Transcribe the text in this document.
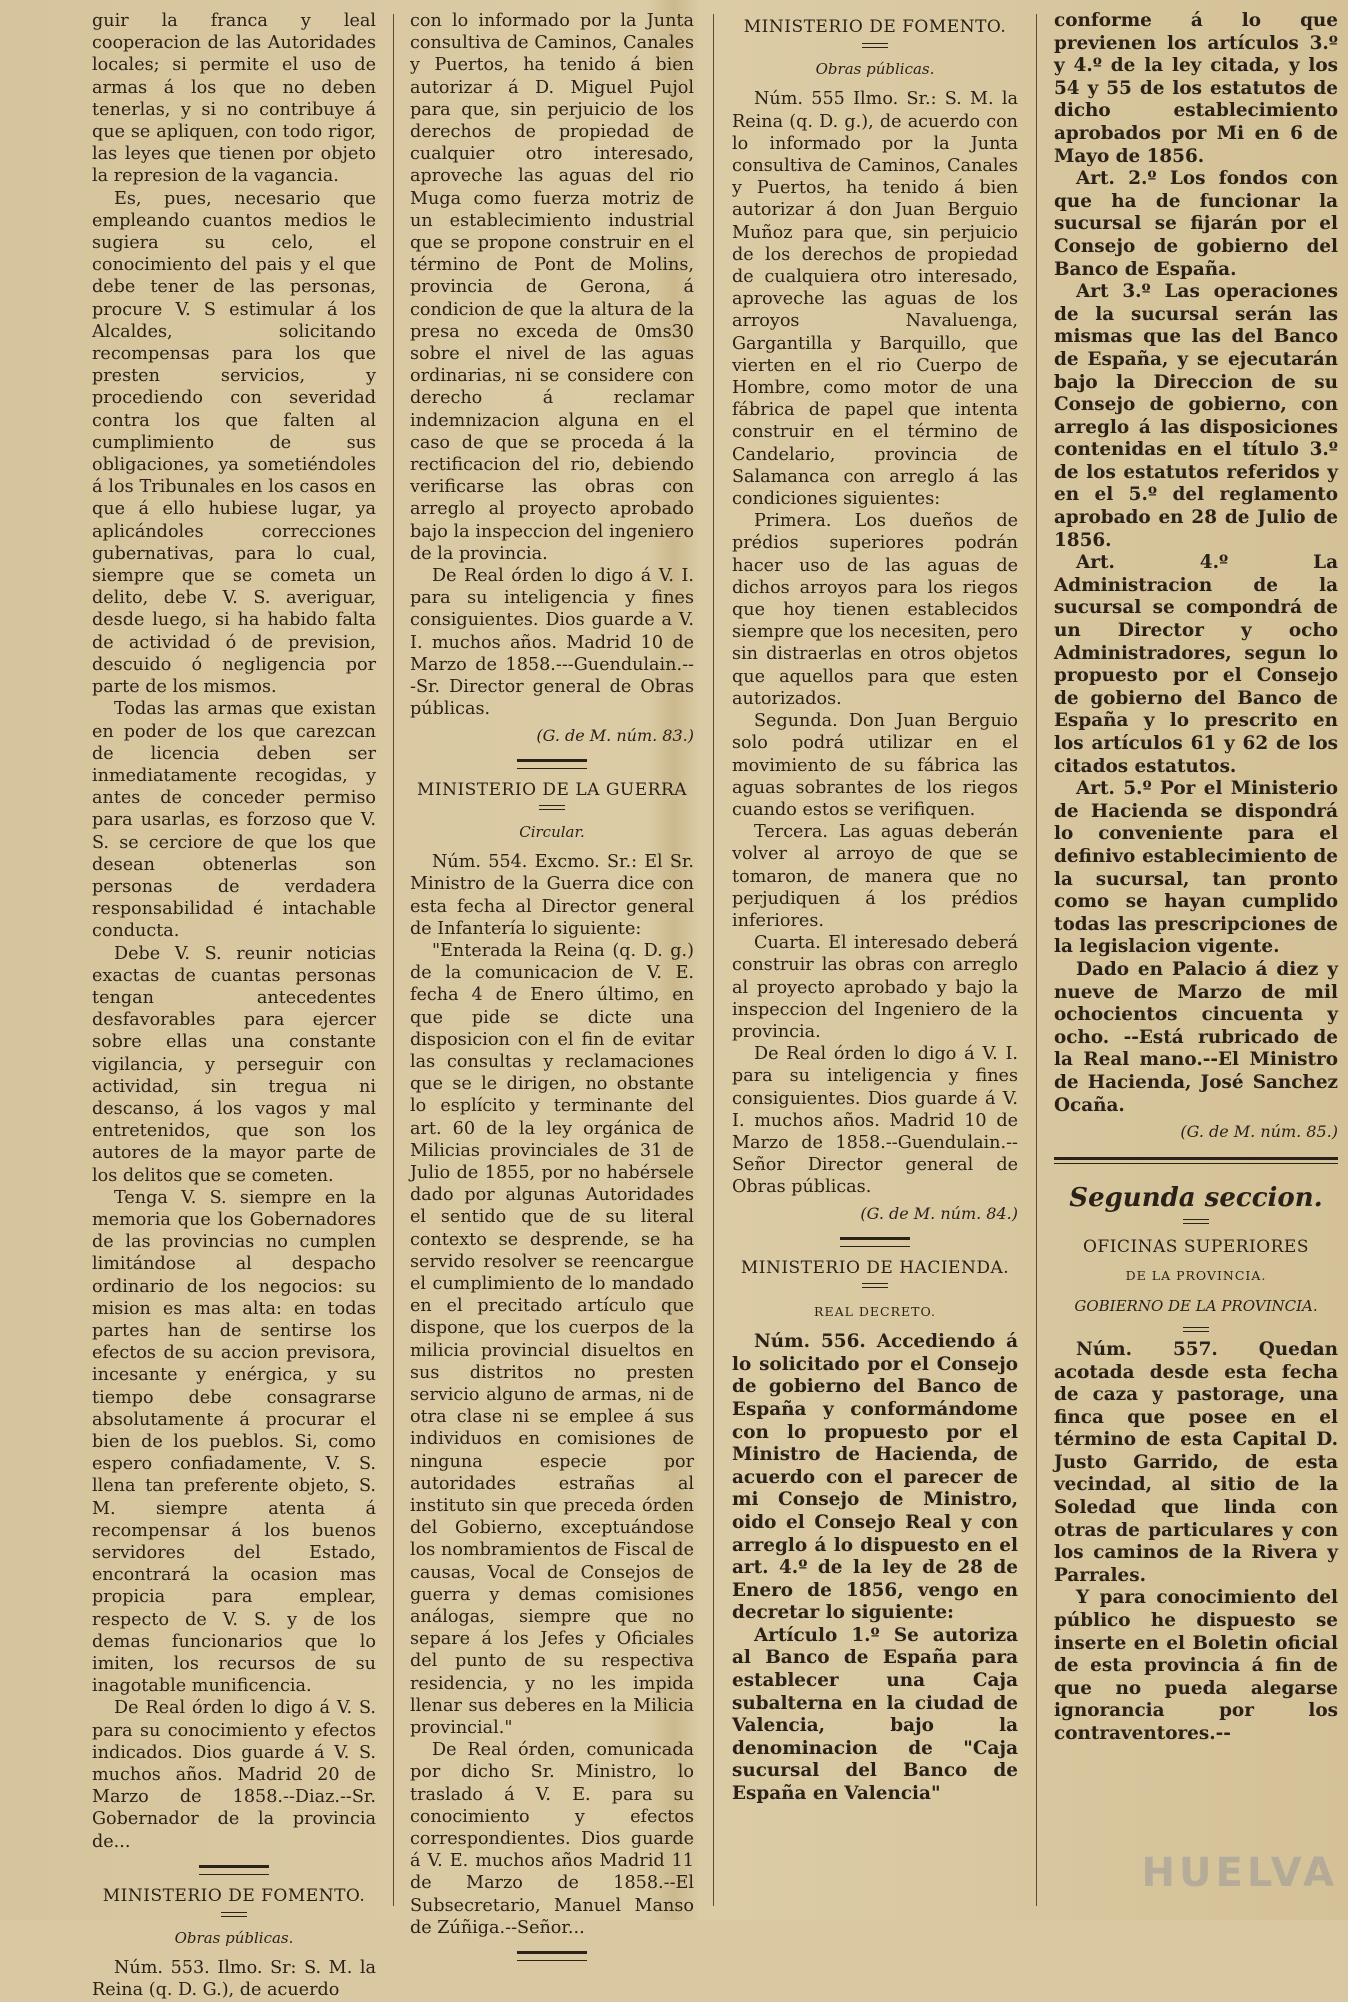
guir la franca y leal cooperacion de las Autoridades locales; si permite el uso de armas á los que no deben tenerlas, y si no contribuye á que se apliquen, con todo rigor, las leyes que tienen por objeto la represion de la vagancia.

Es, pues, necesario que empleando cuantos medios le sugiera su celo, el conocimiento del pais y el que debe tener de las personas, procure V. S estimular á los Alcaldes, solicitando recompensas para los que presten servicios, y procediendo con severidad contra los que falten al cumplimiento de sus obligaciones, ya sometiéndoles á los Tribunales en los casos en que á ello hubiese lugar, ya aplicándoles correcciones gubernativas, para lo cual, siempre que se cometa un delito, debe V. S. averiguar, desde luego, si ha habido falta de actividad ó de prevision, descuido ó negligencia por parte de los mismos.

Todas las armas que existan en poder de los que carezcan de licencia deben ser inmediatamente recogidas, y antes de conceder permiso para usarlas, es forzoso que V. S. se cerciore de que los que desean obtenerlas son personas de verdadera responsabilidad é intachable conducta.

Debe V. S. reunir noticias exactas de cuantas personas tengan antecedentes desfavorables para ejercer sobre ellas una constante vigilancia, y perseguir con actividad, sin tregua ni descanso, á los vagos y mal entretenidos, que son los autores de la mayor parte de los delitos que se cometen.

Tenga V. S. siempre en la memoria que los Gobernadores de las provincias no cumplen limitándose al despacho ordinario de los negocios: su mision es mas alta: en todas partes han de sentirse los efectos de su accion previsora, incesante y enérgica, y su tiempo debe consagrarse absolutamente á procurar el bien de los pueblos. Si, como espero confiadamente, V. S. llena tan preferente objeto, S. M. siempre atenta á recompensar á los buenos servidores del Estado, encontrará la ocasion mas propicia para emplear, respecto de V. S. y de los demas funcionarios que lo imiten, los recursos de su inagotable munificencia.

De Real órden lo digo á V. S. para su conocimiento y efectos indicados. Dios guarde á V. S. muchos años. Madrid 20 de Marzo de 1858.--Diaz.--Sr. Gobernador de la provincia de...

MINISTERIO DE FOMENTO.
Obras públicas.

Núm. 553. Ilmo. Sr: S. M. la Reina (q. D. G.), de acuerdo

con lo informado por la Junta consultiva de Caminos, Canales y Puertos, ha tenido á bien autorizar á D. Miguel Pujol para que, sin perjuicio de los derechos de propiedad de cualquier otro interesado, aproveche las aguas del rio Muga como fuerza motriz de un establecimiento industrial que se propone construir en el término de Pont de Molins, provincia de Gerona, á condicion de que la altura de la presa no exceda de 0ms30 sobre el nivel de las aguas ordinarias, ni se considere con derecho á reclamar indemnizacion alguna en el caso de que se proceda á la rectificacion del rio, debiendo verificarse las obras con arreglo al proyecto aprobado bajo la inspeccion del ingeniero de la provincia.

De Real órden lo digo á V. I. para su inteligencia y fines consiguientes. Dios guarde a V. I. muchos años. Madrid 10 de Marzo de 1858.---Guendulain.---Sr. Director general de Obras públicas.

(G. de M. núm. 83.)
MINISTERIO DE LA GUERRA
Circular.

Núm. 554. Excmo. Sr.: El Sr. Ministro de la Guerra dice con esta fecha al Director general de Infantería lo siguiente:

"Enterada la Reina (q. D. g.) de la comunicacion de V. E. fecha 4 de Enero último, en que pide se dicte una disposicion con el fin de evitar las consultas y reclamaciones que se le dirigen, no obstante lo esplícito y terminante del art. 60 de la ley orgánica de Milicias provinciales de 31 de Julio de 1855, por no habérsele dado por algunas Autoridades el sentido que de su literal contexto se desprende, se ha servido resolver se reencargue el cumplimiento de lo mandado en el precitado artículo que dispone, que los cuerpos de la milicia provincial disueltos en sus distritos no presten servicio alguno de armas, ni de otra clase ni se emplee á sus individuos en comisiones de ninguna especie por autoridades estrañas al instituto sin que preceda órden del Gobierno, exceptuándose los nombramientos de Fiscal de causas, Vocal de Consejos de guerra y demas comisiones análogas, siempre que no separe á los Jefes y Oficiales del punto de su respectiva residencia, y no les impida llenar sus deberes en la Milicia provincial."

De Real órden, comunicada por dicho Sr. Ministro, lo traslado á V. E. para su conocimiento y efectos correspondientes. Dios guarde á V. E. muchos años Madrid 11 de Marzo de 1858.--El Subsecretario, Manuel Manso de Zúñiga.--Señor...

MINISTERIO DE FOMENTO.
Obras públicas.

Núm. 555 Ilmo. Sr.: S. M. la Reina (q. D. g.), de acuerdo con lo informado por la Junta consultiva de Caminos, Canales y Puertos, ha tenido á bien autorizar á don Juan Berguio Muñoz para que, sin perjuicio de los derechos de propiedad de cualquiera otro interesado, aproveche las aguas de los arroyos Navaluenga, Gargantilla y Barquillo, que vierten en el rio Cuerpo de Hombre, como motor de una fábrica de papel que intenta construir en el término de Candelario, provincia de Salamanca con arreglo á las condiciones siguientes:

Primera. Los dueños de prédios superiores podrán hacer uso de las aguas de dichos arroyos para los riegos que hoy tienen establecidos siempre que los necesiten, pero sin distraerlas en otros objetos que aquellos para que esten autorizados.

Segunda. Don Juan Berguio solo podrá utilizar en el movimiento de su fábrica las aguas sobrantes de los riegos cuando estos se verifiquen.

Tercera. Las aguas deberán volver al arroyo de que se tomaron, de manera que no perjudiquen á los prédios inferiores.

Cuarta. El interesado deberá construir las obras con arreglo al proyecto aprobado y bajo la inspeccion del Ingeniero de la provincia.

De Real órden lo digo á V. I. para su inteligencia y fines consiguientes. Dios guarde á V. I. muchos años. Madrid 10 de Marzo de 1858.--Guendulain.--Señor Director general de Obras públicas.

(G. de M. núm. 84.)
MINISTERIO DE HACIENDA.
REAL DECRETO.

Núm. 556. Accediendo á lo solicitado por el Consejo de gobierno del Banco de España y conformándome con lo propuesto por el Ministro de Hacienda, de acuerdo con el parecer de mi Consejo de Ministro, oido el Consejo Real y con arreglo á lo dispuesto en el art. 4.º de la ley de 28 de Enero de 1856, vengo en decretar lo siguiente:

Artículo 1.º Se autoriza al Banco de España para establecer una Caja subalterna en la ciudad de Valencia, bajo la denominacion de "Caja sucursal del Banco de España en Valencia"

conforme á lo que previenen los artículos 3.º y 4.º de la ley citada, y los 54 y 55 de los estatutos de dicho establecimiento aprobados por Mi en 6 de Mayo de 1856.

Art. 2.º Los fondos con que ha de funcionar la sucursal se fijarán por el Consejo de gobierno del Banco de España.

Art 3.º Las operaciones de la sucursal serán las mismas que las del Banco de España, y se ejecutarán bajo la Direccion de su Consejo de gobierno, con arreglo á las disposiciones contenidas en el título 3.º de los estatutos referidos y en el 5.º del reglamento aprobado en 28 de Julio de 1856.

Art. 4.º La Administracion de la sucursal se compondrá de un Director y ocho Administradores, segun lo propuesto por el Consejo de gobierno del Banco de España y lo prescrito en los artículos 61 y 62 de los citados estatutos.

Art. 5.º Por el Ministerio de Hacienda se dispondrá lo conveniente para el definivo establecimiento de la sucursal, tan pronto como se hayan cumplido todas las prescripciones de la legislacion vigente.

Dado en Palacio á diez y nueve de Marzo de mil ochocientos cincuenta y ocho. --Está rubricado de la Real mano.--El Ministro de Hacienda, José Sanchez Ocaña.

(G. de M. núm. 85.)
Segunda seccion.
OFICINAS SUPERIORES
DE LA PROVINCIA.
GOBIERNO DE LA PROVINCIA.

Núm. 557. Quedan acotada desde esta fecha de caza y pastorage, una finca que posee en el término de esta Capital D. Justo Garrido, de esta vecindad, al sitio de la Soledad que linda con otras de particulares y con los caminos de la Rivera y Parrales.

Y para conocimiento del público he dispuesto se inserte en el Boletin oficial de esta provincia á fin de que no pueda alegarse ignorancia por los contraventores.--

HUELVA
